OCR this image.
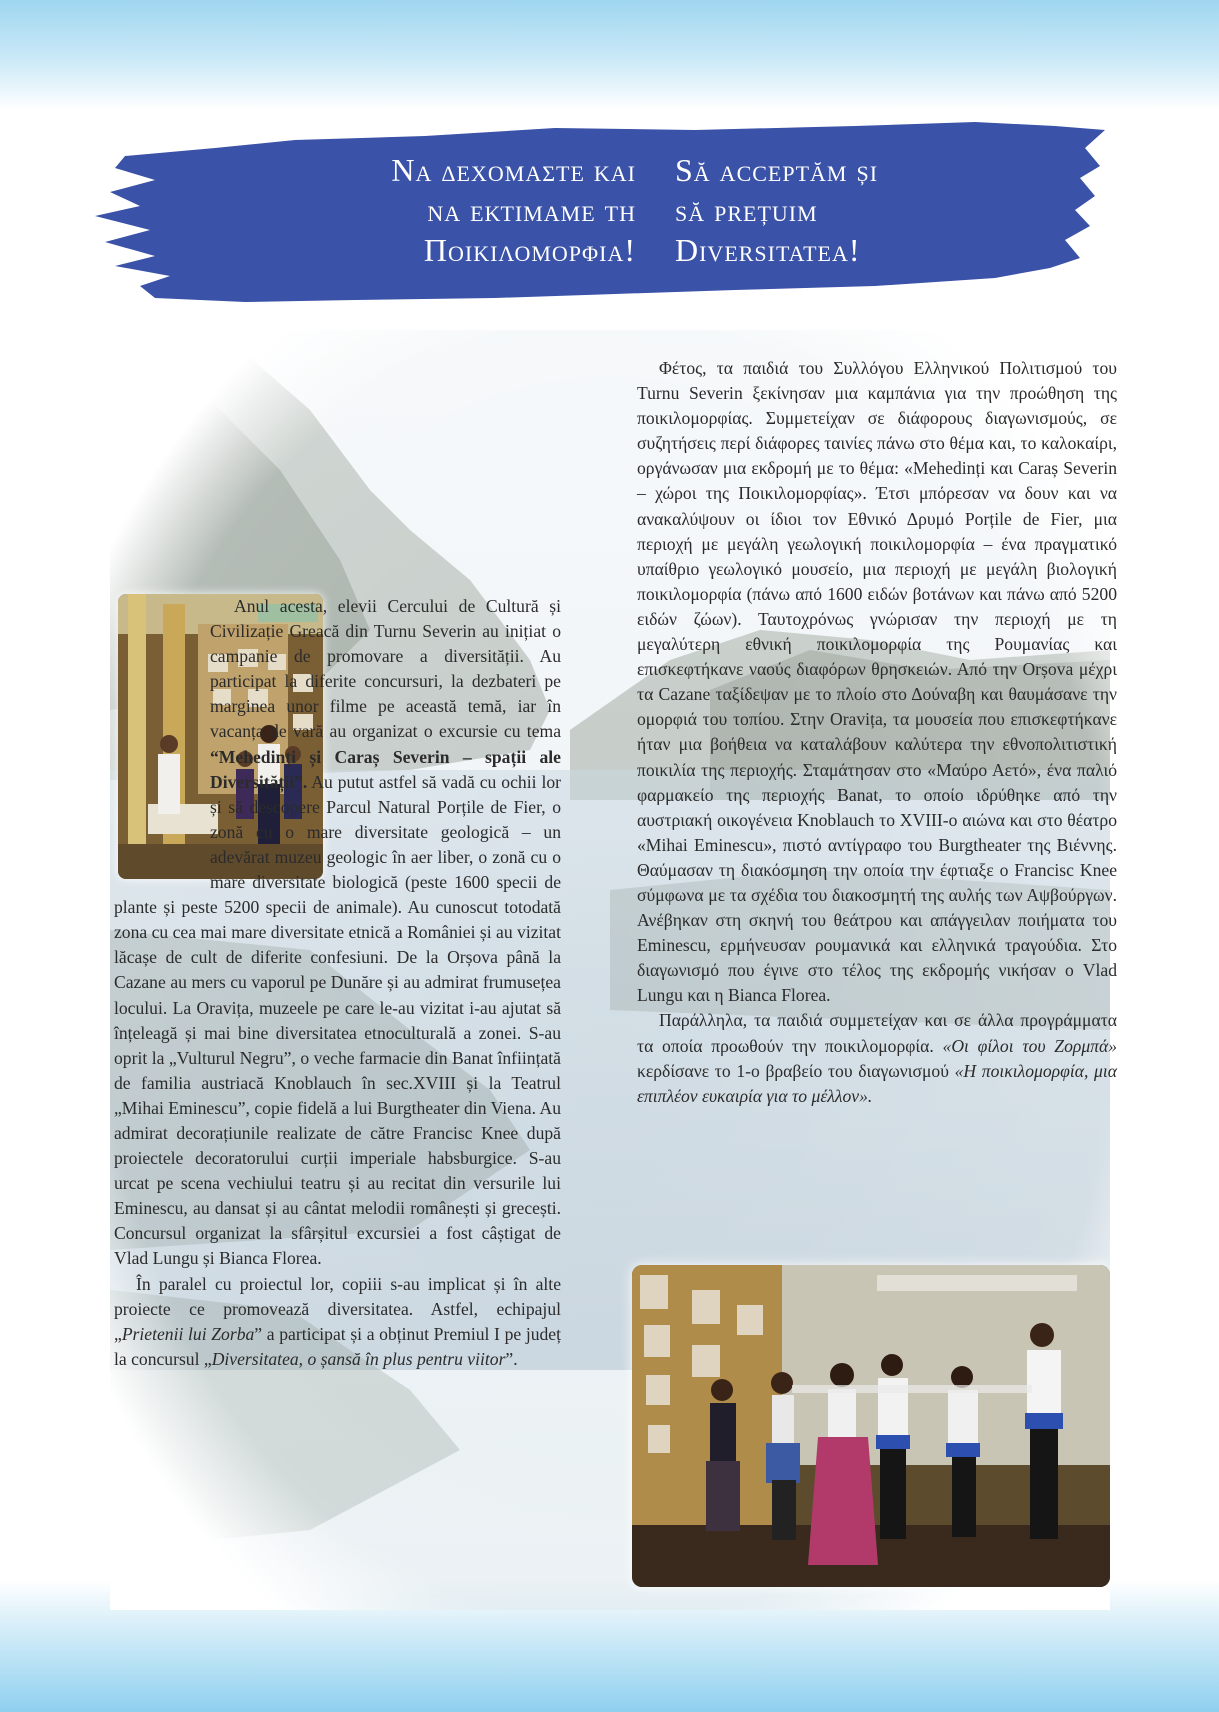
Να δεχομαστε και
να εκτιμαμε τη
Ποικιλομορφια!
Să acceptăm și
să prețuim
Diversitatea!

Anul acesta, elevii Cercului de Cultură și Civilizație Greacă din Turnu Severin au inițiat o campanie de promovare a diversității. Au participat la diferite concursuri, la dezbateri pe marginea unor filme pe această temă, iar în vacanța de vară au organizat o excursie cu tema “Mehedinți și Caraș Severin – spații ale Diversității”. Au putut astfel să vadă cu ochii lor și să descopere Parcul Natural Porțile de Fier, o zonă cu o mare diversitate geologică – un adevărat muzeu geologic în aer liber, o zonă cu o mare diversitate biologică (peste 1600 specii de plante și peste 5200 specii de animale). Au cunoscut totodată zona cu cea mai mare diversitate etnică a României și au vizitat lăcașe de cult de diferite confesiuni. De la Orșova până la Cazane au mers cu vaporul pe Dunăre și au admirat frumusețea locului. La Oravița, muzeele pe care le-au vizitat i-au ajutat să înțeleagă și mai bine diversitatea etnoculturală a zonei. S-au oprit la „Vulturul Negru”, o veche farmacie din Banat înființată de familia austriacă Knoblauch în sec.XVIII și la Teatrul „Mihai Eminescu”, copie fidelă a lui Burgtheater din Viena. Au admirat decorațiunile realizate de către Francisc Knee după proiectele decoratorului curții imperiale habsburgice. S-au urcat pe scena vechiului teatru și au recitat din versurile lui Eminescu, au dansat și au cântat melodii românești și grecești. Concursul organizat la sfârșitul excursiei a fost câștigat de Vlad Lungu și Bianca Florea.

În paralel cu proiectul lor, copiii s-au implicat și în alte proiecte ce promovează diversitatea. Astfel, echipajul „Prietenii lui Zorba” a participat și a obținut Premiul I pe județ la concursul „Diversitatea, o șansă în plus pentru viitor”.

Φέτος, τα παιδιά του Συλλόγου Ελληνικού Πολιτισμού του Turnu Severin ξεκίνησαν μια καμπάνια για την προώθηση της ποικιλομορφίας. Συμμετείχαν σε διάφορους διαγωνισμούς, σε συζητήσεις περί διάφορες ταινίες πάνω στο θέμα και, το καλοκαίρι, οργάνωσαν μια εκδρομή με το θέμα: «Mehedinți και Caraș Severin – χώροι της Ποικιλομορφίας». Έτσι μπόρεσαν να δουν και να ανακαλύψουν οι ίδιοι τον Εθνικό Δρυμό Porțile de Fier, μια περιοχή με μεγάλη γεωλογική ποικιλομορφία – ένα πραγματικό υπαίθριο γεωλογικό μουσείο, μια περιοχή με μεγάλη βιολογική ποικιλομορφία (πάνω από 1600 ειδών βοτάνων και πάνω από 5200 ειδών ζώων). Ταυτοχρόνως γνώρισαν την περιοχή με τη μεγαλύτερη εθνική ποικιλομορφία της Ρουμανίας και επισκεφτήκανε ναούς διαφόρων θρησκειών. Από την Orșova μέχρι τα Cazane ταξίδεψαν με το πλοίο στο Δούναβη και θαυμάσανε την ομορφιά του τοπίου. Στην Oravița, τα μουσεία που επισκεφτήκανε ήταν μια βοήθεια να καταλάβουν καλύτερα την εθνοπολιτιστική ποικιλία της περιοχής. Σταμάτησαν στο «Μαύρο Αετό», ένα παλιό φαρμακείο της περιοχής Banat, το οποίο ιδρύθηκε από την αυστριακή οικογένεια Knoblauch το XVIII-ο αιώνα και στο θέατρο «Mihai Eminescu», πιστό αντίγραφο του Burgtheater της Βιέννης. Θαύμασαν τη διακόσμηση την οποία την έφτιαξε ο Francisc Knee σύμφωνα με τα σχέδια του διακοσμητή της αυλής των Αψβούργων. Ανέβηκαν στη σκηνή του θεάτρου και απάγγειλαν ποιήματα του Eminescu, ερμήνευσαν ρουμανικά και ελληνικά τραγούδια. Στο διαγωνισμό που έγινε στο τέλος της εκδρομής νικήσαν ο Vlad Lungu και η Bianca Florea.

Παράλληλα, τα παιδιά συμμετείχαν και σε άλλα προγράμματα τα οποία προωθούν την ποικιλομορφία. «Οι φίλοι του Ζορμπά» κερδίσανε το 1-ο βραβείο του διαγωνισμού «Η ποικιλομορφία, μια επιπλέον ευκαιρία για το μέλλον».
